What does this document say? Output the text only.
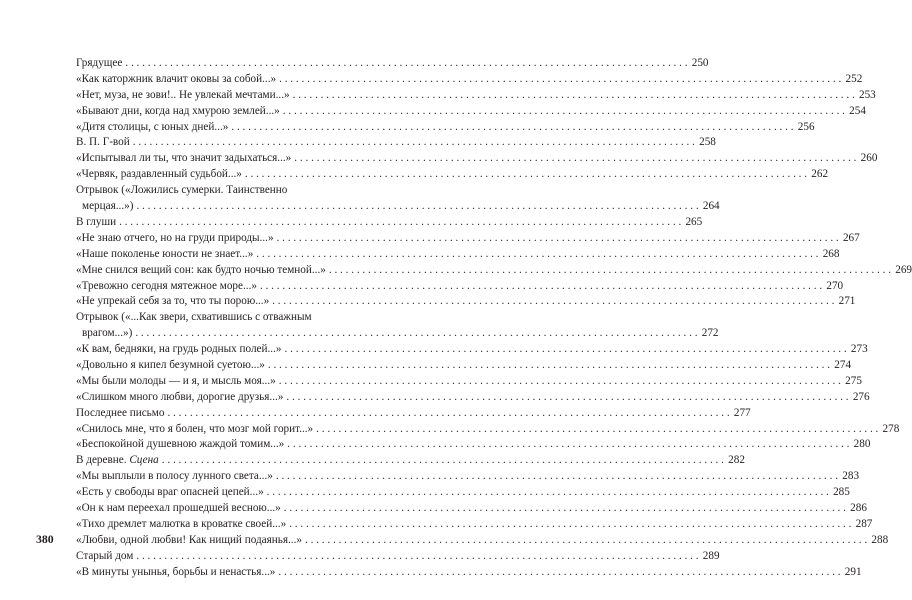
Грядущее . . .	250
«Как каторжник влачит оковы за собой...» . . .	252
«Нет, муза, не зови!.. Не увлекай мечтами...» . . .	253
«Бывают дни, когда над хмурою землей...» . . .	254
«Дитя столицы, с юных дней...» . . .	256
В. П. Г-вой . . .	258
«Испытывал ли ты, что значит задыхаться...» . . .	260
«Червяк, раздавленный судьбой...» . . .	262
Отрывок («Ложились сумерки. Таинственно
мерцая...») . . .	264
В глуши . . .	265
«Не знаю отчего, но на груди природы...» . . .	267
«Наше поколенье юности не знает...» . . .	268
«Мне снился вещий сон: как будто ночью темной...» . . .	269
«Тревожно сегодня мятежное море...» . . .	270
«Не упрекай себя за то, что ты порою...» . . .	271
Отрывок («...Как звери, схватившись с отважным
врагом...») . . .	272
«К вам, бедняки, на грудь родных полей...» . . .	273
«Довольно я кипел безумной суетою...» . . .	274
«Мы были молоды — и я, и мысль моя...» . . .	275
«Слишком много любви, дорогие друзья...» . . .	276
Последнее письмо . . .	277
«Снилось мне, что я болен, что мозг мой горит...» . . .	278
«Беспокойной душевною жаждой томим...» . . .	280
В деревне. Сцена . . .	282
«Мы выплыли в полосу лунного света...» . . .	283
«Есть у свободы враг опасней цепей...» . . .	285
«Он к нам переехал прошедшей весною...» . . .	286
«Тихо дремлет малютка в кроватке своей...» . . .	287
«Любви, одной любви! Как нищий подаянья...» . . .	288
Старый дом . . .	289
«В минуты унынья, борьбы и ненастья...» . . .	291
380
